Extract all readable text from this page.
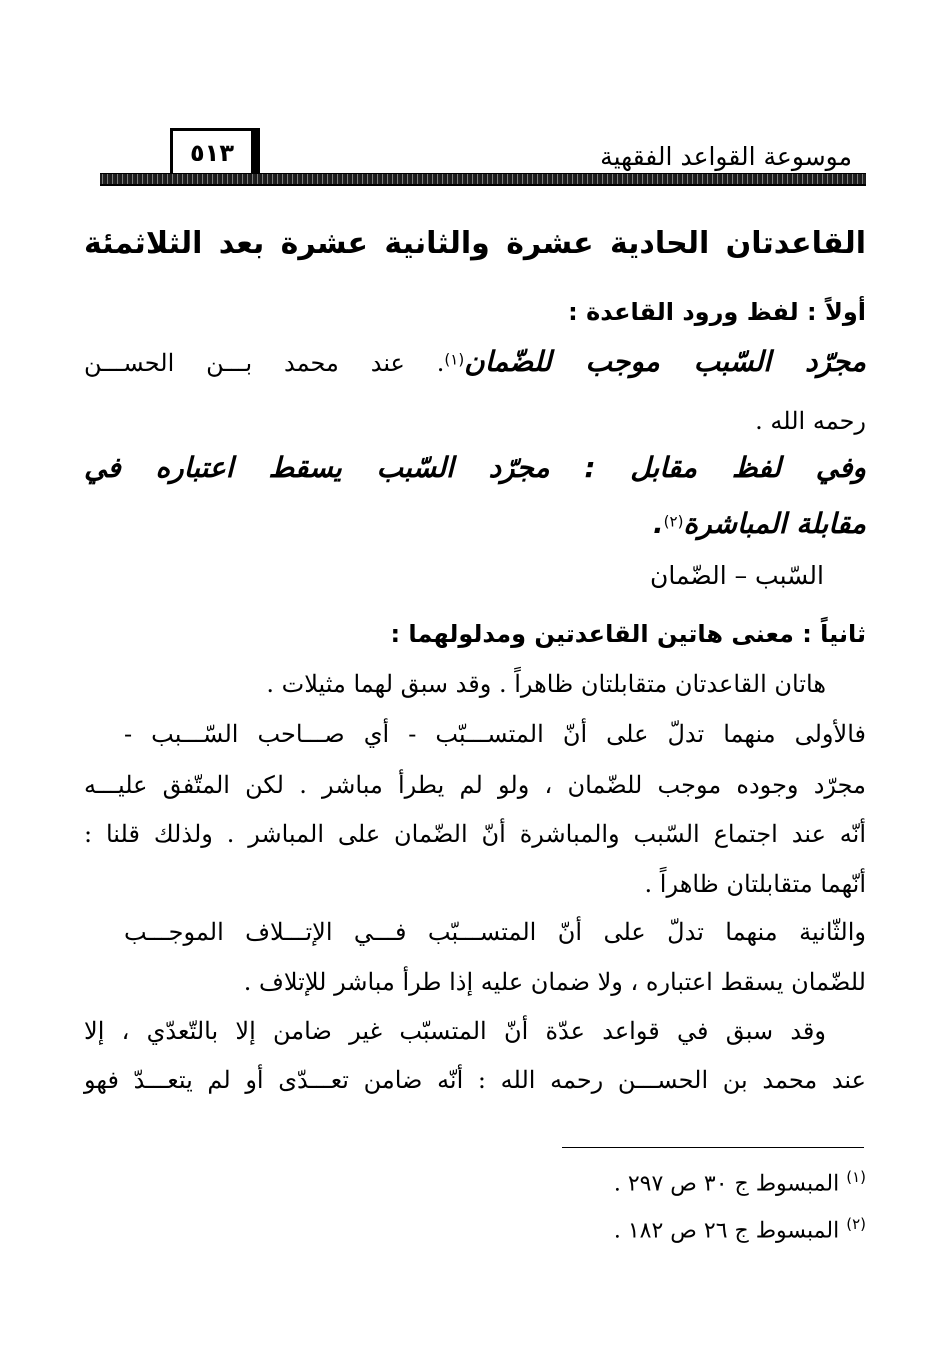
موسوعة القواعد الفقهية
٥١٣
القاعدتان الحادية عشرة والثانية عشرة بعد الثلاثمئة
أولاً : لفظ ورود القاعدة :
مجرّد السّبب موجب للضّمان$^{(١)}$. عند محمد بـــن الحســـن
رحمه الله .
وفي لفظ مقابل : مجرّد السّبب يسقط اعتباره في
مقابلة المباشرة$^{(٢)}$.
السّبب – الضّمان
ثانياً : معنى هاتين القاعدتين ومدلولهما :
هاتان القاعدتان متقابلتان ظاهراً . وقد سبق لهما مثيلات .
فالأولى منهما تدلّ على أنّ المتســـبّب - أي صـــاحب السّـــبب -
مجرّد وجوده موجب للضّمان ، ولو لم يطرأ مباشر . لكن المتّفق عليـــه
أنّه عند اجتماع السّبب والمباشرة أنّ الضّمان على المباشر . ولذلك قلنا :
أنّهما متقابلتان ظاهراً .
والثّانية منهما تدلّ على أنّ المتســـبّب فـــي الإتـــلاف الموجـــب
للضّمان يسقط اعتباره ، ولا ضمان عليه إذا طرأ مباشر للإتلاف .
وقد سبق في قواعد عدّة أنّ المتسبّب غير ضامن إلا بالتّعدّي ، إلا
عند محمد بن الحســـن رحمه الله : أنّه ضامن تعـــدّى أو لم يتعـــدّ فهو
$^{(١)}$ المبسوط ج ٣٠ ص ٢٩٧ .
$^{(٢)}$ المبسوط ج ٢٦ ص ١٨٢ .
